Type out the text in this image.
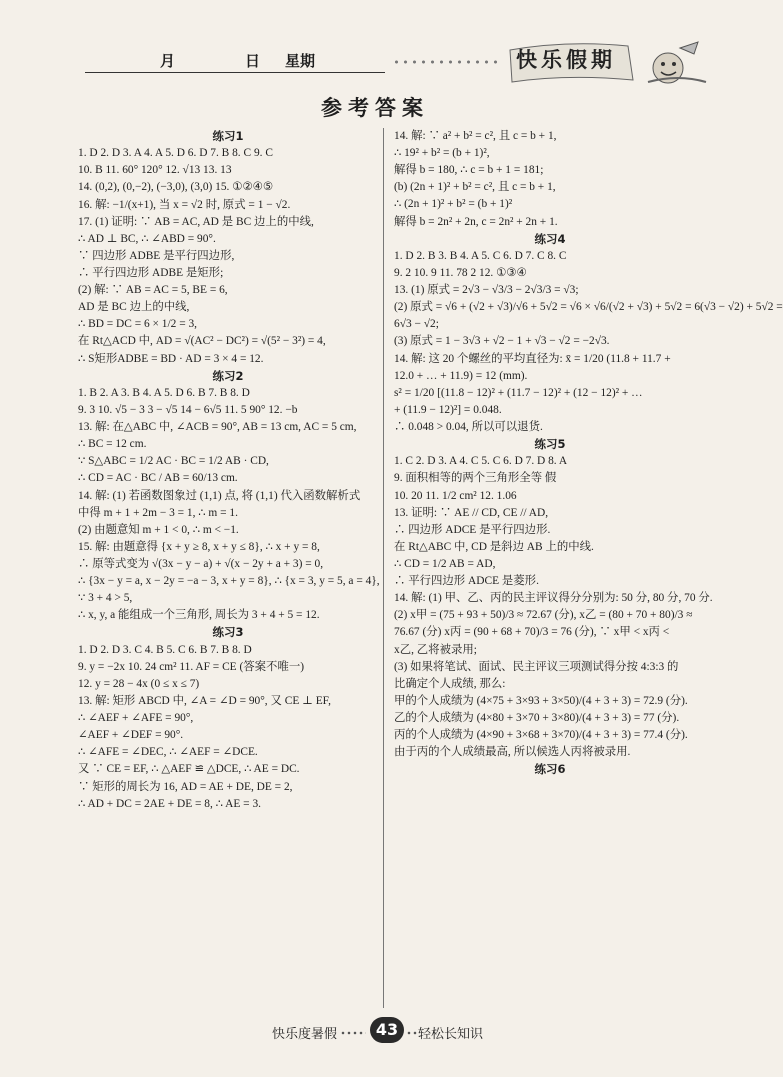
月	日 星期	快乐假期
参考答案
练习1
1. D 2. D 3. A 4. A 5. D 6. D 7. B 8. C 9. C
10. B 11. 60° 120° 12. √13 13. 13
14. (0,2), (0,−2), (−3,0), (3,0) 15. ①②④⑤
16. 解: −1/(x+1), 当 x = √2 时, 原式 = 1 − √2.
17. (1) 证明: ∵ AB = AC, AD 是 BC 边上的中线,
∴ AD ⊥ BC, ∴ ∠ABD = 90°.
∵ 四边形 ADBE 是平行四边形,
∴ 平行四边形 ADBE 是矩形;
(2) 解: ∵ AB = AC = 5, BE = 6,
AD 是 BC 边上的中线,
∴ BD = DC = 6 × 1/2 = 3,
在 Rt△ACD 中, AD = √(AC² − DC²) = √(5² − 3²) = 4,
∴ S矩形ADBE = BD · AD = 3 × 4 = 12.
练习2
1. B 2. A 3. B 4. A 5. D 6. B 7. B 8. D
9. 3 10. √5 − 3 3 − √5 14 − 6√5 11. 5 90° 12. −b
13. 解: 在△ABC 中, ∠ACB = 90°, AB = 13 cm, AC = 5 cm,
∴ BC = 12 cm.
∵ S△ABC = 1/2 AC · BC = 1/2 AB · CD,
∴ CD = AC · BC / AB = 60/13 cm.
14. 解: (1) 若函数图象过 (1,1) 点, 将 (1,1) 代入函数解析式
中得 m + 1 + 2m − 3 = 1, ∴ m = 1.
(2) 由题意知 m + 1 < 0, ∴ m < −1.
15. 解: 由题意得 {x + y ≥ 8, x + y ≤ 8}, ∴ x + y = 8,
∴ 原等式变为 √(3x − y − a) + √(x − 2y + a + 3) = 0,
∴ {3x − y = a, x − 2y = −a − 3, x + y = 8}, ∴ {x = 3, y = 5, a = 4},
∵ 3 + 4 > 5,
∴ x, y, a 能组成一个三角形, 周长为 3 + 4 + 5 = 12.
练习3
1. D 2. D 3. C 4. B 5. C 6. B 7. B 8. D
9. y = −2x 10. 24 cm² 11. AF = CE (答案不唯一)
12. y = 28 − 4x (0 ≤ x ≤ 7)
13. 解: 矩形 ABCD 中, ∠A = ∠D = 90°, 又 CE ⊥ EF,
∴ ∠AEF + ∠AFE = 90°,
∠AEF + ∠DEF = 90°.
∴ ∠AFE = ∠DEC, ∴ ∠AEF = ∠DCE.
又 ∵ CE = EF, ∴ △AEF ≌ △DCE, ∴ AE = DC.
∵ 矩形的周长为 16, AD = AE + DE, DE = 2,
∴ AD + DC = 2AE + DE = 8, ∴ AE = 3.
14. 解: ∵ a² + b² = c², 且 c = b + 1,
∴ 19² + b² = (b + 1)²,
解得 b = 180, ∴ c = b + 1 = 181;
(b) (2n + 1)² + b² = c², 且 c = b + 1,
∴ (2n + 1)² + b² = (b + 1)²
解得 b = 2n² + 2n, c = 2n² + 2n + 1.
练习4
1. D 2. B 3. B 4. A 5. C 6. D 7. C 8. C
9. 2 10. 9 11. 78 2 12. ①③④
13. (1) 原式 = 2√3 − √3/3 − 2√3/3 = √3;
(2) 原式 = √6 + (√2 + √3)/√6 + 5√2 = √6 × √6/(√2 + √3) + 5√2 = 6(√3 − √2) + 5√2 =
6√3 − √2;
(3) 原式 = 1 − 3√3 + √2 − 1 + √3 − √2 = −2√3.
14. 解: 这 20 个螺丝的平均直径为: x̄ = 1/20 (11.8 + 11.7 +
12.0 + … + 11.9) = 12 (mm).
s² = 1/20 [(11.8 − 12)² + (11.7 − 12)² + (12 − 12)² + …
+ (11.9 − 12)²] = 0.048.
∴ 0.048 > 0.04, 所以可以退货.
练习5
1. C 2. D 3. A 4. C 5. C 6. D 7. D 8. A
9. 面积相等的两个三角形全等 假
10. 20 11. 1/2 cm² 12. 1.06
13. 证明: ∵ AE // CD, CE // AD,
∴ 四边形 ADCE 是平行四边形.
在 Rt△ABC 中, CD 是斜边 AB 上的中线.
∴ CD = 1/2 AB = AD,
∴ 平行四边形 ADCE 是菱形.
14. 解: (1) 甲、乙、丙的民主评议得分分别为: 50 分, 80 分, 70 分.
(2) x甲 = (75 + 93 + 50)/3 ≈ 72.67 (分), x乙 = (80 + 70 + 80)/3 ≈
76.67 (分) x丙 = (90 + 68 + 70)/3 = 76 (分), ∵ x甲 < x丙 <
x乙, 乙将被录用;
(3) 如果将笔试、面试、民主评议三项测试得分按 4:3:3 的
比确定个人成绩, 那么:
甲的个人成绩为 (4×75 + 3×93 + 3×50)/(4 + 3 + 3) = 72.9 (分).
乙的个人成绩为 (4×80 + 3×70 + 3×80)/(4 + 3 + 3) = 77 (分).
丙的个人成绩为 (4×90 + 3×68 + 3×70)/(4 + 3 + 3) = 77.4 (分).
由于丙的个人成绩最高, 所以候选人丙将被录用.
练习6
快乐度暑假	43	轻松长知识
